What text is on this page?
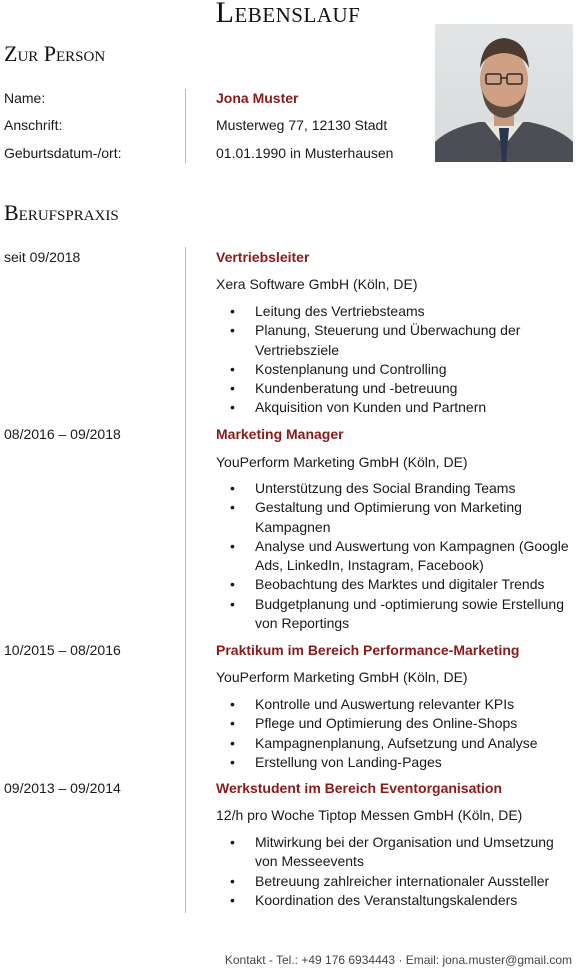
Lebenslauf
Zur Person
Name:	Jona Muster
Anschrift:	Musterweg 77, 12130 Stadt
Geburtsdatum-/ort:	01.01.1990 in Musterhausen
Berufspraxis
seit 09/2018	Vertriebsleiter
Xera Software GmbH (Köln, DE)
• Leitung des Vertriebsteams
• Planung, Steuerung und Überwachung der Vertriebsziele
• Kostenplanung und Controlling
• Kundenberatung und -betreuung
• Akquisition von Kunden und Partnern
08/2016 – 09/2018	Marketing Manager
YouPerform Marketing GmbH (Köln, DE)
• Unterstützung des Social Branding Teams
• Gestaltung und Optimierung von Marketing Kampagnen
• Analyse und Auswertung von Kampagnen (Google Ads, LinkedIn, Instagram, Facebook)
• Beobachtung des Marktes und digitaler Trends
• Budgetplanung und -optimierung sowie Erstellung von Reportings
10/2015 – 08/2016	Praktikum im Bereich Performance-Marketing
YouPerform Marketing GmbH (Köln, DE)
• Kontrolle und Auswertung relevanter KPIs
• Pflege und Optimierung des Online-Shops
• Kampagnenplanung, Aufsetzung und Analyse
• Erstellung von Landing-Pages
09/2013 – 09/2014	Werkstudent im Bereich Eventorganisation
12/h pro Woche Tiptop Messen GmbH (Köln, DE)
• Mitwirkung bei der Organisation und Umsetzung von Messeevents
• Betreuung zahlreicher internationaler Aussteller
• Koordination des Veranstaltungskalenders
Kontakt - Tel.: +49 176 6934443 · Email: jona.muster@gmail.com
